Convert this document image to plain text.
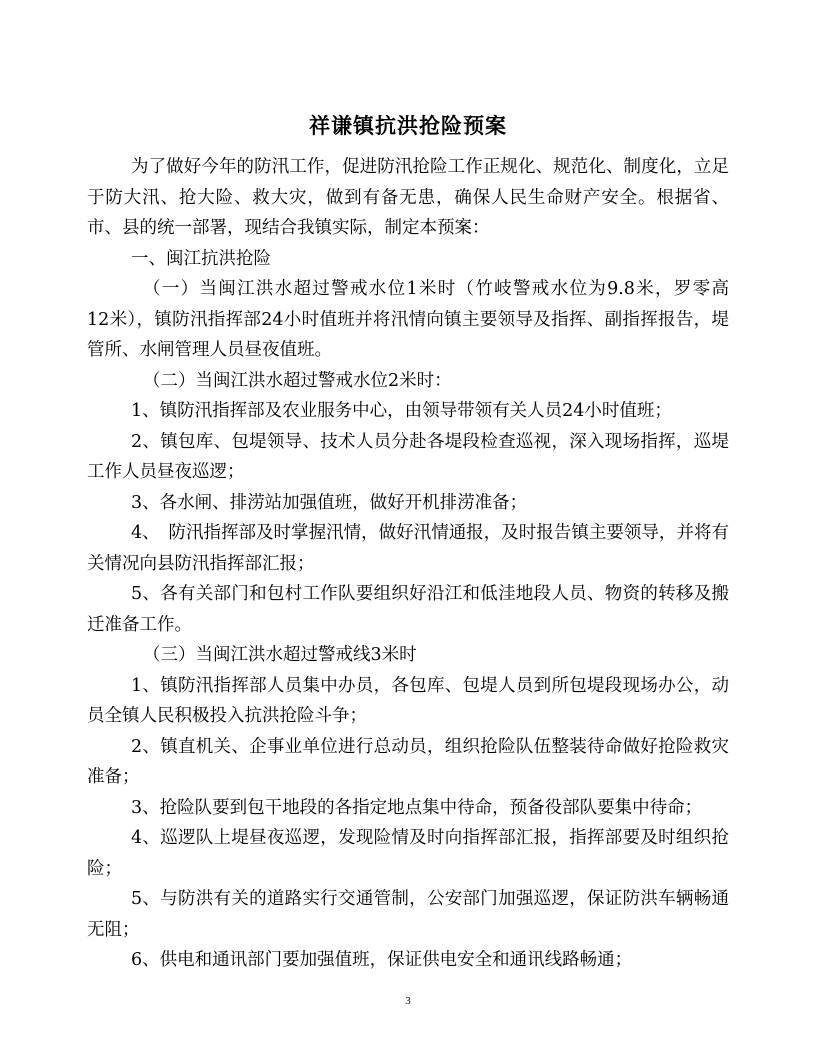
祥谦镇抗洪抢险预案

为了做好今年的防汛工作，促进防汛抢险工作正规化、规范化、制度化，立足于防大汛、抢大险、救大灾，做到有备无患，确保人民生命财产安全。根据省、市、县的统一部署，现结合我镇实际，制定本预案：

一、闽江抗洪抢险

（一）当闽江洪水超过警戒水位1米时（竹岐警戒水位为9.8米，罗零高　12米），镇防汛指挥部24小时值班并将汛情向镇主要领导及指挥、副指挥报告，堤管所、水闸管理人员昼夜值班。

（二）当闽江洪水超过警戒水位2米时：

1、镇防汛指挥部及农业服务中心，由领导带领有关人员24小时值班；

2、镇包库、包堤领导、技术人员分赴各堤段检查巡视，深入现场指挥，巡堤工作人员昼夜巡逻；

3、各水闸、排涝站加强值班，做好开机排涝准备；

4、　防汛指挥部及时掌握汛情，做好汛情通报，及时报告镇主要领导，并将有关情况向县防汛指挥部汇报；

5、各有关部门和包村工作队要组织好沿江和低洼地段人员、物资的转移及搬迁准备工作。

（三）当闽江洪水超过警戒线3米时

1、镇防汛指挥部人员集中办员，各包库、包堤人员到所包堤段现场办公，动员全镇人民积极投入抗洪抢险斗争；

2、镇直机关、企事业单位进行总动员，组织抢险队伍整装待命做好抢险救灾准备；

3、抢险队要到包干地段的各指定地点集中待命，预备役部队要集中待命；

4、巡逻队上堤昼夜巡逻，发现险情及时向指挥部汇报，指挥部要及时组织抢险；

5、与防洪有关的道路实行交通管制，公安部门加强巡逻，保证防洪车辆畅通无阻；

6、供电和通讯部门要加强值班，保证供电安全和通讯线路畅通；

3
